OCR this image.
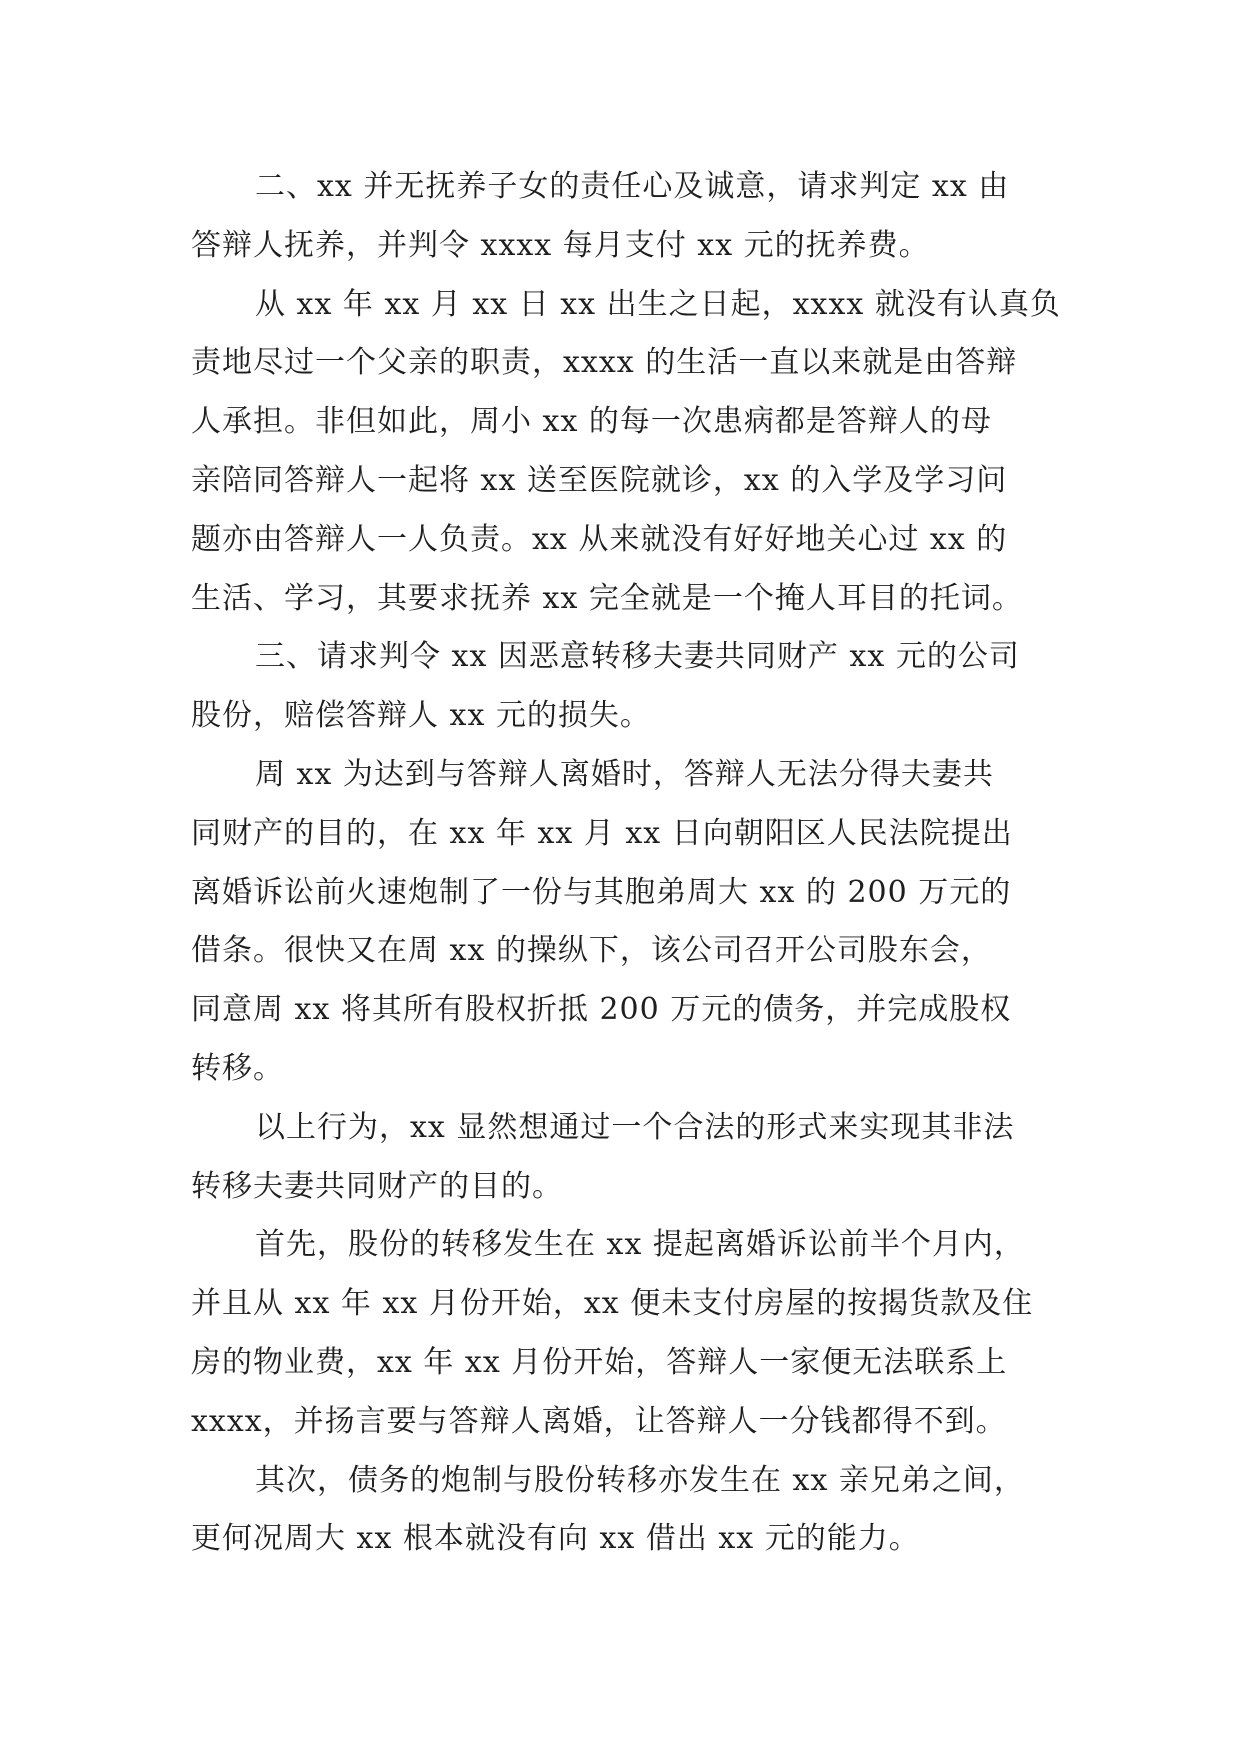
二、xx 并无抚养子女的责任心及诚意，请求判定 xx 由
答辩人抚养，并判令 xxxx 每月支付 xx 元的抚养费。
从 xx 年 xx 月 xx 日 xx 出生之日起，xxxx 就没有认真负
责地尽过一个父亲的职责，xxxx 的生活一直以来就是由答辩
人承担。非但如此，周小 xx 的每一次患病都是答辩人的母
亲陪同答辩人一起将 xx 送至医院就诊，xx 的入学及学习问
题亦由答辩人一人负责。xx 从来就没有好好地关心过 xx 的
生活、学习，其要求抚养 xx 完全就是一个掩人耳目的托词。
三、请求判令 xx 因恶意转移夫妻共同财产 xx 元的公司
股份，赔偿答辩人 xx 元的损失。
周 xx 为达到与答辩人离婚时，答辩人无法分得夫妻共
同财产的目的，在 xx 年 xx 月 xx 日向朝阳区人民法院提出
离婚诉讼前火速炮制了一份与其胞弟周大 xx 的 200 万元的
借条。很快又在周 xx 的操纵下，该公司召开公司股东会，
同意周 xx 将其所有股权折抵 200 万元的债务，并完成股权
转移。
以上行为，xx 显然想通过一个合法的形式来实现其非法
转移夫妻共同财产的目的。
首先，股份的转移发生在 xx 提起离婚诉讼前半个月内，
并且从 xx 年 xx 月份开始，xx 便未支付房屋的按揭货款及住
房的物业费，xx 年 xx 月份开始，答辩人一家便无法联系上
xxxx，并扬言要与答辩人离婚，让答辩人一分钱都得不到。
其次，债务的炮制与股份转移亦发生在 xx 亲兄弟之间，
更何况周大 xx 根本就没有向 xx 借出 xx 元的能力。
